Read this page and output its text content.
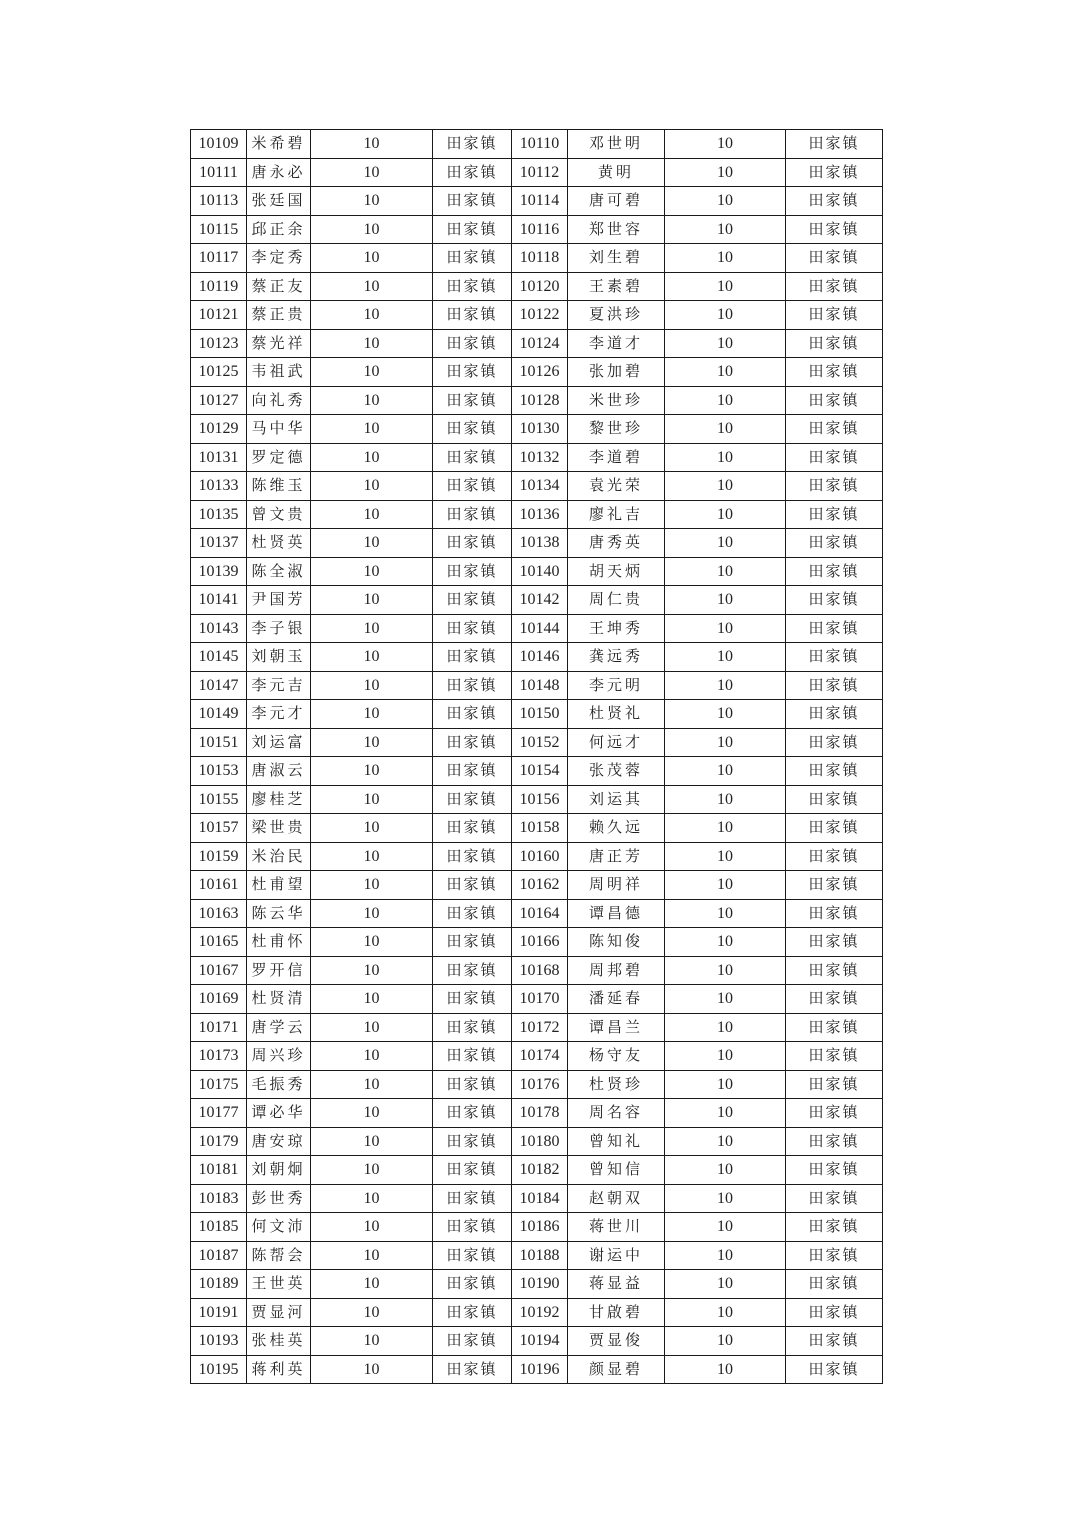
10109	米希碧	10	田家镇	10110	邓世明	10	田家镇
10111	唐永必	10	田家镇	10112	黄明	10	田家镇
10113	张廷国	10	田家镇	10114	唐可碧	10	田家镇
10115	邱正余	10	田家镇	10116	郑世容	10	田家镇
10117	李定秀	10	田家镇	10118	刘生碧	10	田家镇
10119	蔡正友	10	田家镇	10120	王素碧	10	田家镇
10121	蔡正贵	10	田家镇	10122	夏洪珍	10	田家镇
10123	蔡光祥	10	田家镇	10124	李道才	10	田家镇
10125	韦祖武	10	田家镇	10126	张加碧	10	田家镇
10127	向礼秀	10	田家镇	10128	米世珍	10	田家镇
10129	马中华	10	田家镇	10130	黎世珍	10	田家镇
10131	罗定德	10	田家镇	10132	李道碧	10	田家镇
10133	陈维玉	10	田家镇	10134	袁光荣	10	田家镇
10135	曾文贵	10	田家镇	10136	廖礼吉	10	田家镇
10137	杜贤英	10	田家镇	10138	唐秀英	10	田家镇
10139	陈全淑	10	田家镇	10140	胡天炳	10	田家镇
10141	尹国芳	10	田家镇	10142	周仁贵	10	田家镇
10143	李子银	10	田家镇	10144	王坤秀	10	田家镇
10145	刘朝玉	10	田家镇	10146	龚远秀	10	田家镇
10147	李元吉	10	田家镇	10148	李元明	10	田家镇
10149	李元才	10	田家镇	10150	杜贤礼	10	田家镇
10151	刘运富	10	田家镇	10152	何远才	10	田家镇
10153	唐淑云	10	田家镇	10154	张茂蓉	10	田家镇
10155	廖桂芝	10	田家镇	10156	刘运其	10	田家镇
10157	梁世贵	10	田家镇	10158	赖久远	10	田家镇
10159	米治民	10	田家镇	10160	唐正芳	10	田家镇
10161	杜甫望	10	田家镇	10162	周明祥	10	田家镇
10163	陈云华	10	田家镇	10164	谭昌德	10	田家镇
10165	杜甫怀	10	田家镇	10166	陈知俊	10	田家镇
10167	罗开信	10	田家镇	10168	周邦碧	10	田家镇
10169	杜贤清	10	田家镇	10170	潘延春	10	田家镇
10171	唐学云	10	田家镇	10172	谭昌兰	10	田家镇
10173	周兴珍	10	田家镇	10174	杨守友	10	田家镇
10175	毛振秀	10	田家镇	10176	杜贤珍	10	田家镇
10177	谭必华	10	田家镇	10178	周名容	10	田家镇
10179	唐安琼	10	田家镇	10180	曾知礼	10	田家镇
10181	刘朝炯	10	田家镇	10182	曾知信	10	田家镇
10183	彭世秀	10	田家镇	10184	赵朝双	10	田家镇
10185	何文沛	10	田家镇	10186	蒋世川	10	田家镇
10187	陈帮会	10	田家镇	10188	谢运中	10	田家镇
10189	王世英	10	田家镇	10190	蒋显益	10	田家镇
10191	贾显河	10	田家镇	10192	甘啟碧	10	田家镇
10193	张桂英	10	田家镇	10194	贾显俊	10	田家镇
10195	蒋利英	10	田家镇	10196	颜显碧	10	田家镇
